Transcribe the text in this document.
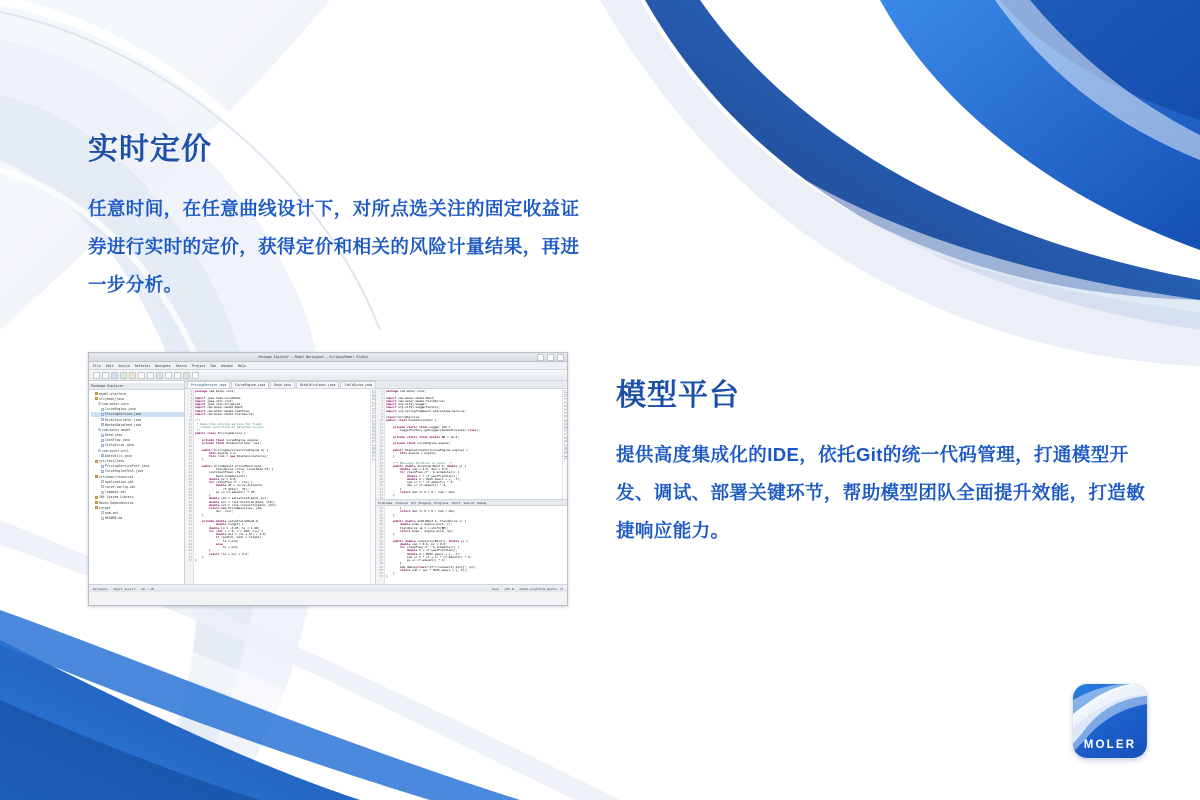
实时定价
任意时间，在任意曲线设计下，对所点选关注的固定收益证券进行实时的定价，获得定价和相关的风险计量结果，再进一步分析。
模型平台
提供高度集成化的IDE，依托Git的统一代码管理，打通模型开发、调试、部署关键环节，帮助模型团队全面提升效能，打造敏捷响应能力。
Package Explorer — Model Workspace — Eclipse/Model Studio
File Edit Source Refactor Navigate Search Project Run Window Help
Package Explorer
model-platform
src/main/java
com.moler.core
CurveEngine.java
PricingService.java
RiskCalculator.java
MarketDataFeed.java
com.moler.model
Bond.java
CashFlow.java
YieldCurve.java
com.moler.util
DateUtils.java
src/test/java
PricingServiceTest.java
CurveEngineTest.java
src/main/resources
application.yml
curve-config.xml
logback.xml
JRE System Library
Maven Dependencies
target
pom.xml
README.md
PricingService.java	CurveEngine.java	Bond.java	RiskCalculator.java	YieldCurve.java
1
2
3
4
5
6
7
8
9
10
11
12
13
14
15
16
17
18
19
20
21
22
23
24
25
26
27
28
29
30
31
32
33
34
35
36
37
38
39
40
41
42
43
44
45
46
47
48
49
50
51
52
53

package com.moler.core;

import java.time.LocalDate;
import java.util.List;
import java.util.ArrayList;
import com.moler.model.Bond;
import com.moler.model.CashFlow;
import com.moler.model.YieldCurve;

/**
* Real-time pricing service for fixed
* income securities on selected curves.
*/
public class PricingService {

private final CurveEngine engine;
private final RiskCalculator risk;

public PricingService(CurveEngine e) {
this.engine = e;
this.risk = new RiskCalculator(e);
}

public PriceResult price(Bond bond,
YieldCurve curve, LocalDate dt) {
List<CashFlow> cfs =
bond.schedule(dt);
double pv = 0.0;
for (CashFlow cf : cfs) {
double df = curve.discount(
cf.date(), dt);
pv += cf.amount() * df;
}
double ytm = solveYield(bond, pv);
double dur = risk.duration(bond, ytm);
double cvx = risk.convexity(bond, ytm);
return new PriceResult(pv, ytm,
dur, cvx);
}

private double solveYield(Bond b,
double target) {
double lo = -0.05, hi = 1.00;
for (int i = 0; i < 100; i++) {
double mid = (lo + hi) / 2.0;
if (pvAt(b, mid) > target)
lo = mid;
else
hi = mid;
}
return (lo + hi) / 2.0;
}
}

1
2
3
4
5
6
7
8
9
10
11
12
13
14
15
16
17
18
19
20
21
22
23
24
25
26
27
28
29
30
31
32
33
34

package com.moler.core;

import com.moler.model.Bond;
import com.moler.model.YieldCurve;
import org.slf4j.Logger;
import org.slf4j.LoggerFactory;
import org.springframework.stereotype.Service;

class="an">@Service
public class RiskCalculator {

private static final Logger LOG =
LoggerFactory.getLogger(RiskCalculator.class);

private static final double BP = 1e-4;

private final CurveEngine engine;

public RiskCalculator(CurveEngine engine) {
this.engine = engine;
}

/** Macaulay duration in years. */
public double duration(Bond b, double y) {
double num = 0.0, den = 0.0;
for (CashFlow cf : b.schedule()) {
double t = cf.yearFraction();
double d = Math.pow(1 + y, -t);
num += t * cf.amount() * d;
den += cf.amount() * d;
}
return den == 0 ? 0 : num / den;
}

Problems Console Git Staging Progress JUnit Search Debug
31
32
33
34
35
36
37
38
39
40
41
42
43
44
45
46
47
48
49
50
51
52

}
return den == 0 ? 0 : num / den;
}

public double dv01(Bond b, YieldCurve c) {
double base = engine.pv(b, c);
YieldCurve up = c.shift(BP);
return base - engine.pv(b, up);
}

public double convexity(Bond b, double y) {
double sum = 0.0, pv = 0.0;
for (CashFlow cf : b.schedule()) {
double t = cf.yearFraction();
double d = Math.pow(1 + y, -t);
sum += t * (t + 1) * cf.amount() * d;
pv += cf.amount() * d;
}
LOG.debug(class="st">"convexity pv={}", pv);
return sum / (pv * Math.pow(1 + y, 2));
}
}

Writable Smart Insert 42 : 18	Java UTF-8 model-platform master ↑2
MOLER
